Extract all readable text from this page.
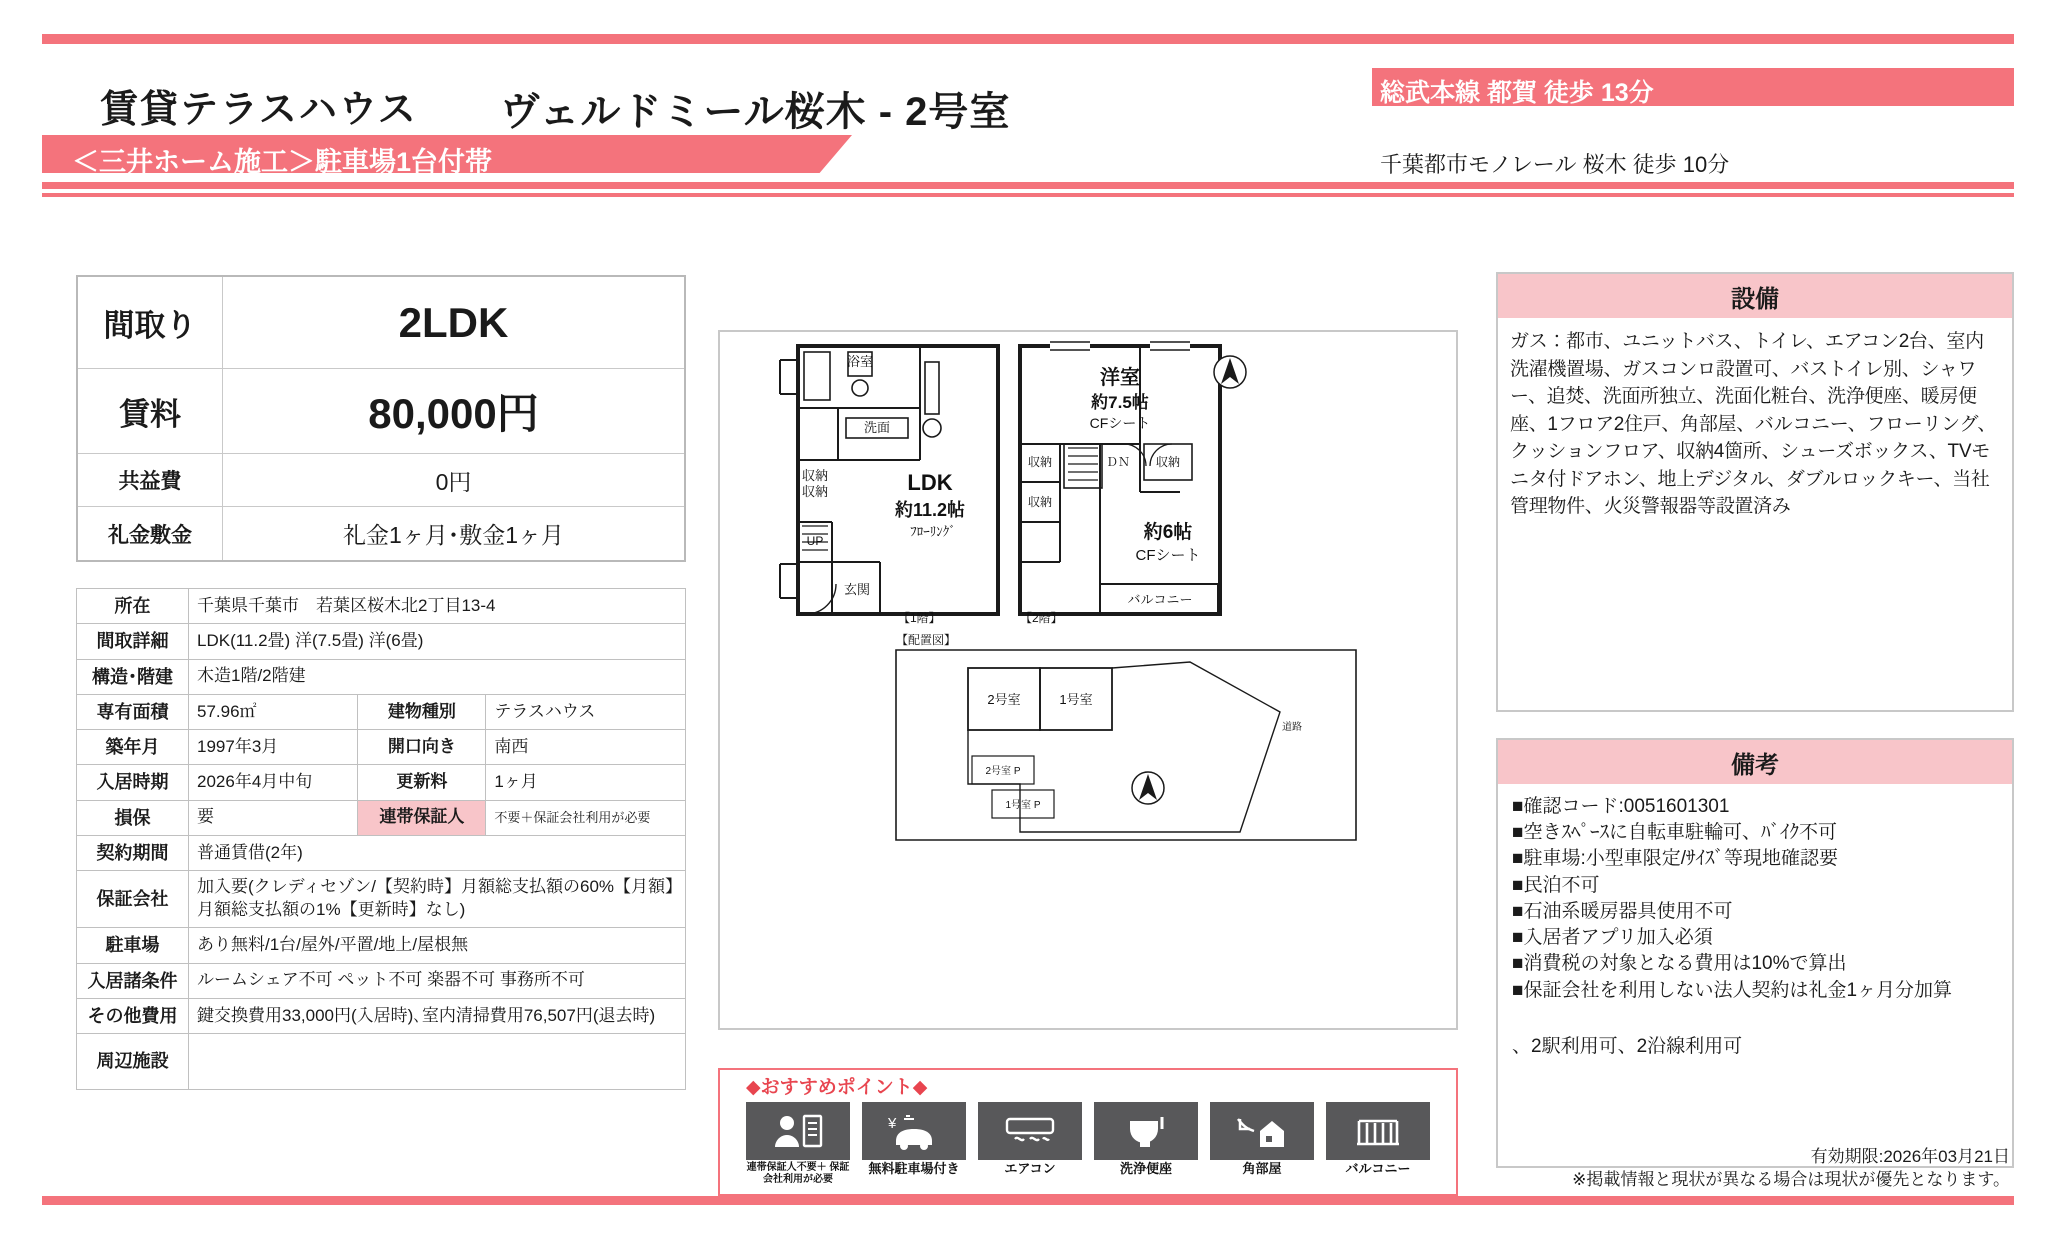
賃貸テラスハウス ヴェルドミール桜木 - 2号室
＜三井ホーム施工＞駐車場1台付帯
総武本線 都賀 徒歩 13分
千葉都市モノレール 桜木 徒歩 10分
間取り	2LDK
賃料	80,000円
共益費	0円
礼金敷金	礼金1ヶ月･敷金1ヶ月
所在	千葉県千葉市　若葉区桜木北2丁目13-4		
間取詳細	LDK(11.2畳) 洋(7.5畳) 洋(6畳)		
構造･階建	木造1階/2階建		
専有面積	57.96㎡	建物種別	テラスハウス
築年月	1997年3月	開口向き	南西
入居時期	2026年4月中旬	更新料	1ヶ月
損保	要	連帯保証人	不要＋保証会社利用が必要
契約期間	普通賃借(2年)		
保証会社	加入要(クレディセゾン/【契約時】月額総支払額の60%【月額】月額総支払額の1%【更新時】なし)		
駐車場	あり無料/1台/屋外/平置/地上/屋根無		
入居諸条件	ルームシェア不可 ペット不可 楽器不可 事務所不可		
その他費用	鍵交換費用33,000円(入居時)､室内清掃費用76,507円(退去時)		
周辺施設			
浴室
洗面
収納
収納
UP
玄関
LDK
約11.2帖
ﾌﾛｰﾘﾝｸﾞ
【1階】
洋室
約7.5帖
CFシート
約6帖
CFシート
収納
収納
収納
ＤＮ
バルコニー
【2階】
【配置図】
2号室	1号室
2号室 P
1号室 P
道路
◆おすすめポイント◆
連帯保証人不要＋ 保証会社利用が必要
¥
無料駐車場付き	エアコン	洗浄便座	角部屋	バルコニー
設備
ガス：都市、ユニットバス、トイレ、エアコン2台、室内洗濯機置場、ガスコンロ設置可、バストイレ別、シャワー、追焚、洗面所独立、洗面化粧台、洗浄便座、暖房便座、1フロア2住戸、角部屋、バルコニー、フローリング、クッションフロア、収納4箇所、シューズボックス、TVモニタ付ドアホン、地上デジタル、ダブルロックキー、当社管理物件、火災警報器等設置済み
備考

■確認コード:0051601301

■空きｽﾍﾟｰｽに自転車駐輪可、ﾊﾞｲｸ不可

■駐車場:小型車限定/ｻｲｽﾞ等現地確認要

■民泊不可

■石油系暖房器具使用不可

■入居者アプリ加入必須

■消費税の対象となる費用は10%で算出

■保証会社を利用しない法人契約は礼金1ヶ月分加算

、2駅利用可、2沿線利用可

有効期限:2026年03月21日
※掲載情報と現状が異なる場合は現状が優先となります。
